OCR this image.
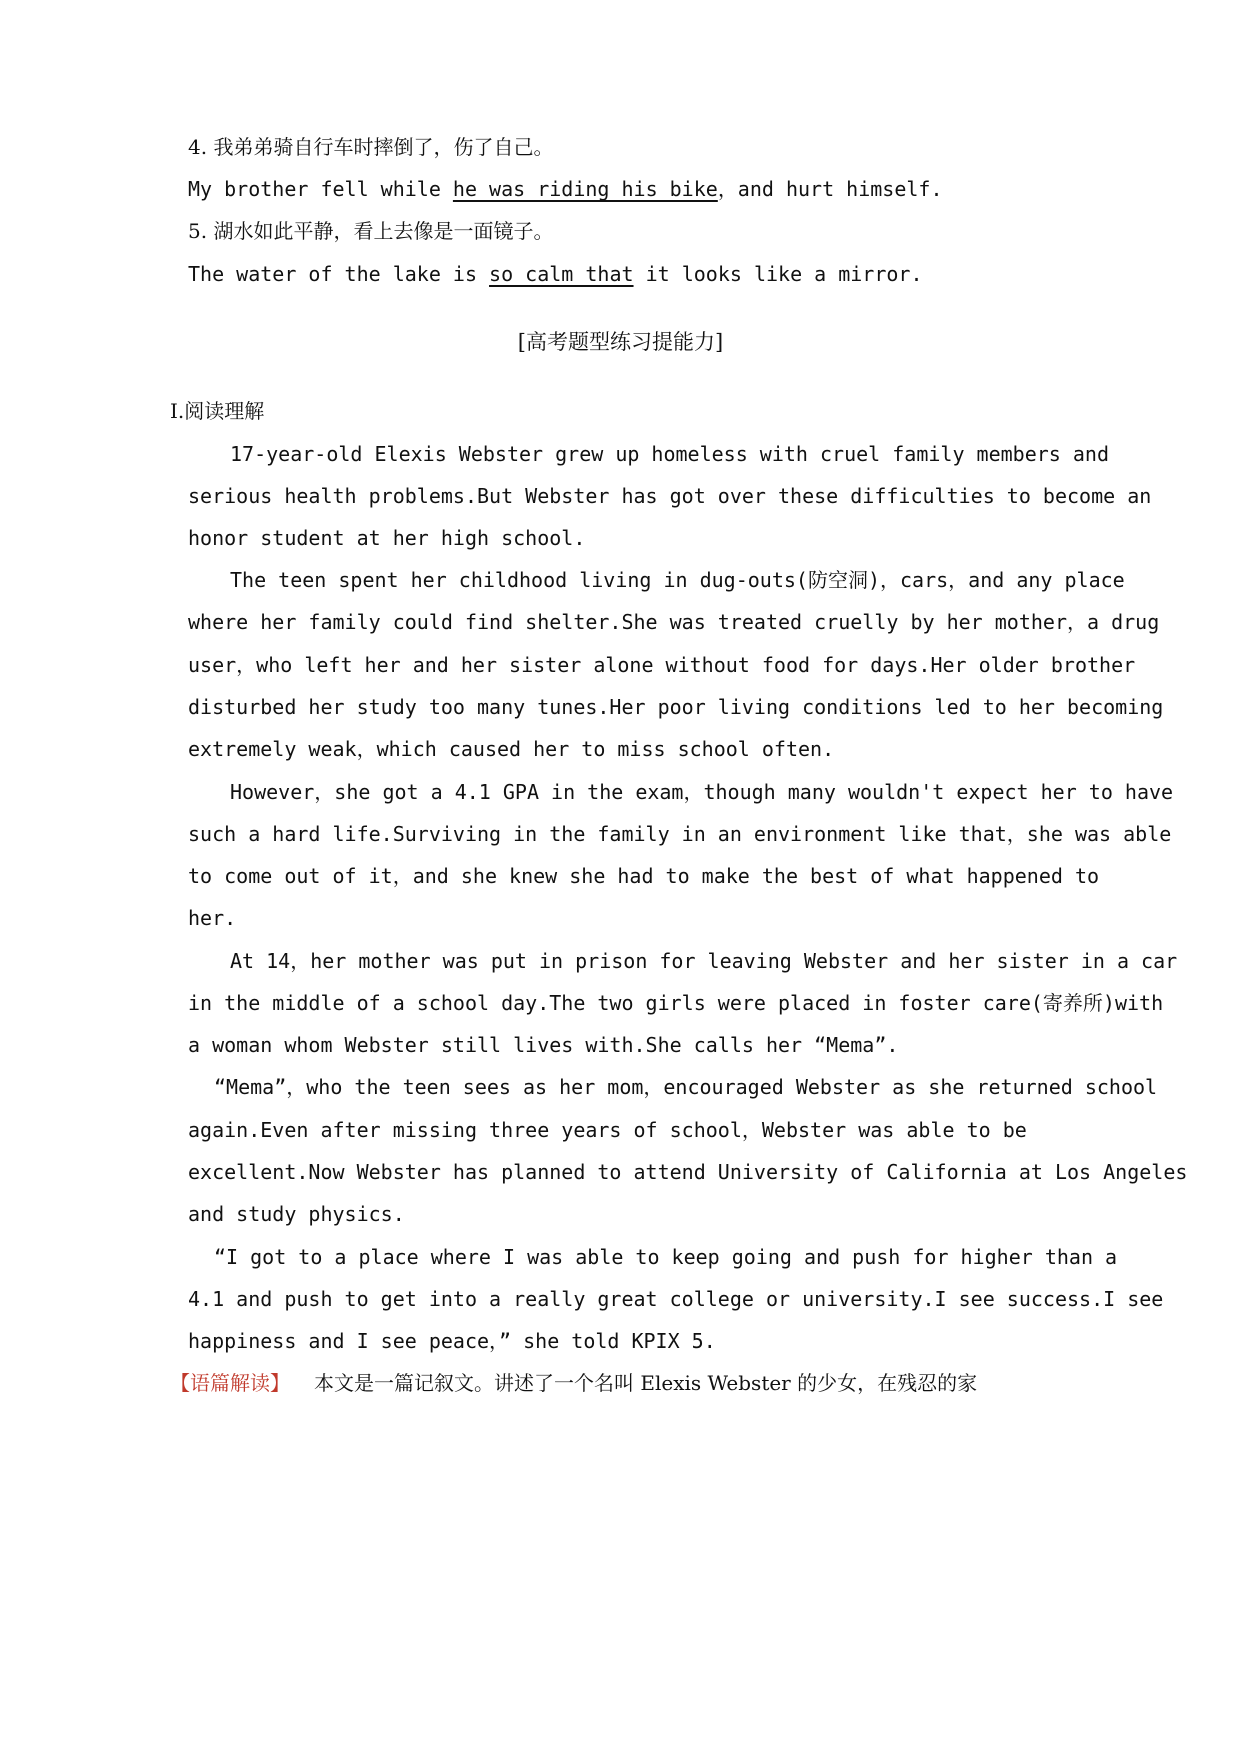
4. 我弟弟骑自行车时摔倒了，伤了自己。
My brother fell while he was riding his bike，and hurt himself.
5. 湖水如此平静，看上去像是一面镜子。
The water of the lake is so calm that it looks like a mirror.
[高考题型练习提能力]
Ⅰ.阅读理解
17-year-old Elexis Webster grew up homeless with cruel family members and
serious health problems.But Webster has got over these difficulties to become an
honor student at her high school.
The teen spent her childhood living in dug-outs(防空洞)，cars，and any place
where her family could find shelter.She was treated cruelly by her mother，a drug
user，who left her and her sister alone without food for days.Her older brother
disturbed her study too many tunes.Her poor living conditions led to her becoming
extremely weak，which caused her to miss school often.
However，she got a 4.1 GPA in the exam，though many wouldn't expect her to have
such a hard life.Surviving in the family in an environment like that，she was able
to come out of it，and she knew she had to make the best of what happened to
her.
At 14，her mother was put in prison for leaving Webster and her sister in a car
in the middle of a school day.The two girls were placed in foster care(寄养所)with
a woman whom Webster still lives with.She calls her “Mema”.
“Mema”，who the teen sees as her mom，encouraged Webster as she returned school
again.Even after missing three years of school，Webster was able to be
excellent.Now Webster has planned to attend University of California at Los Angeles
and study physics.
“I got to a place where I was able to keep going and push for higher than a
4.1 and push to get into a really great college or university.I see success.I see
happiness and I see peace，” she told KPIX 5.
【语篇解读】 本文是一篇记叙文。讲述了一个名叫 Elexis Webster 的少女，在残忍的家
